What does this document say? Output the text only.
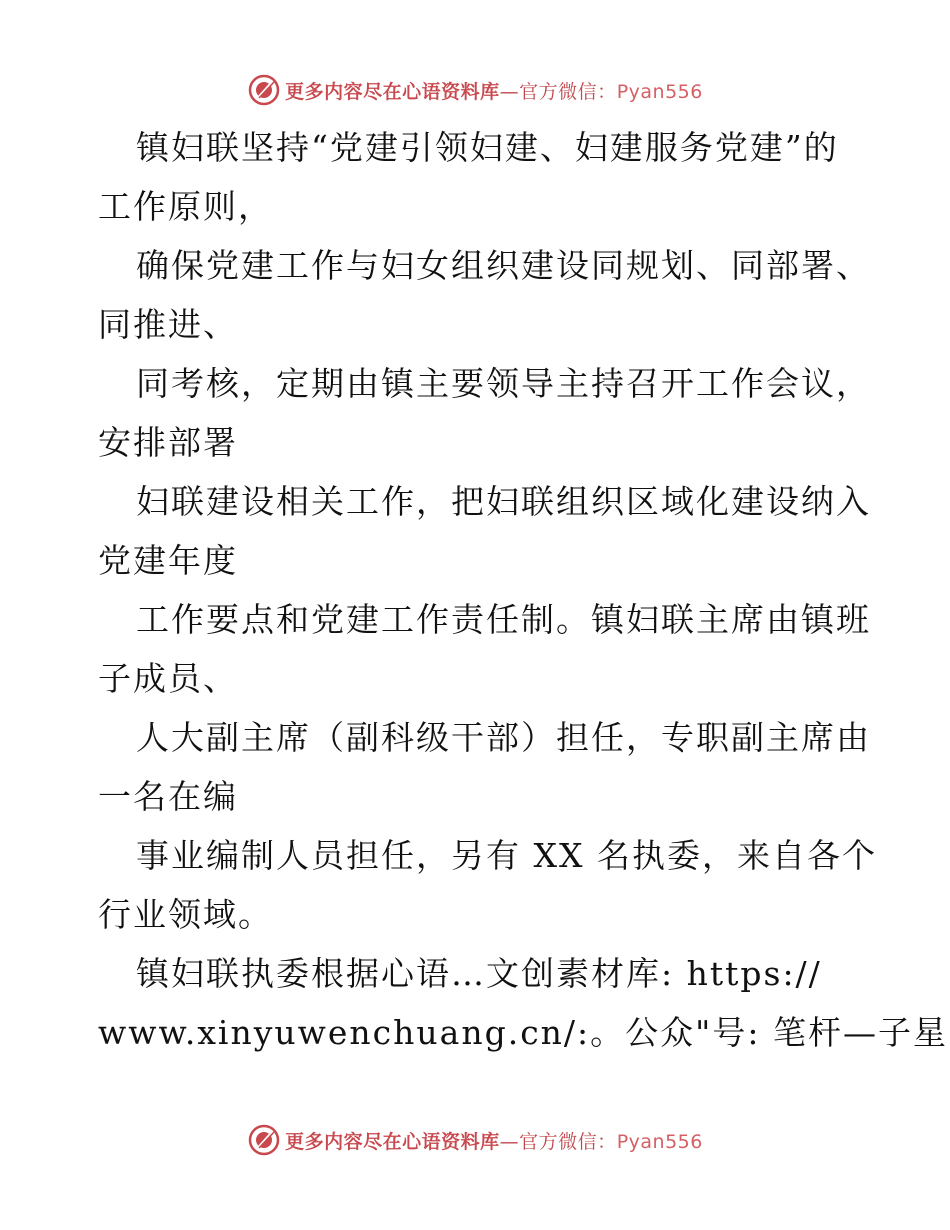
更多内容尽在心语资料库—官方微信：Pyan556
镇妇联坚持“党建引领妇建、妇建服务党建”的
工作原则，
确保党建工作与妇女组织建设同规划、同部署、
同推进、
同考核，定期由镇主要领导主持召开工作会议，
安排部署
妇联建设相关工作，把妇联组织区域化建设纳入
党建年度
工作要点和党建工作责任制。镇妇联主席由镇班
子成员、
人大副主席（副科级干部）担任，专职副主席由
一名在编
事业编制人员担任，另有 XX 名执委，来自各个
行业领域。
镇妇联执委根据心语…文创素材库: https://
www.xinyuwenchuang.cn/:。公众"号: 笔杆—子星
更多内容尽在心语资料库—官方微信：Pyan556
